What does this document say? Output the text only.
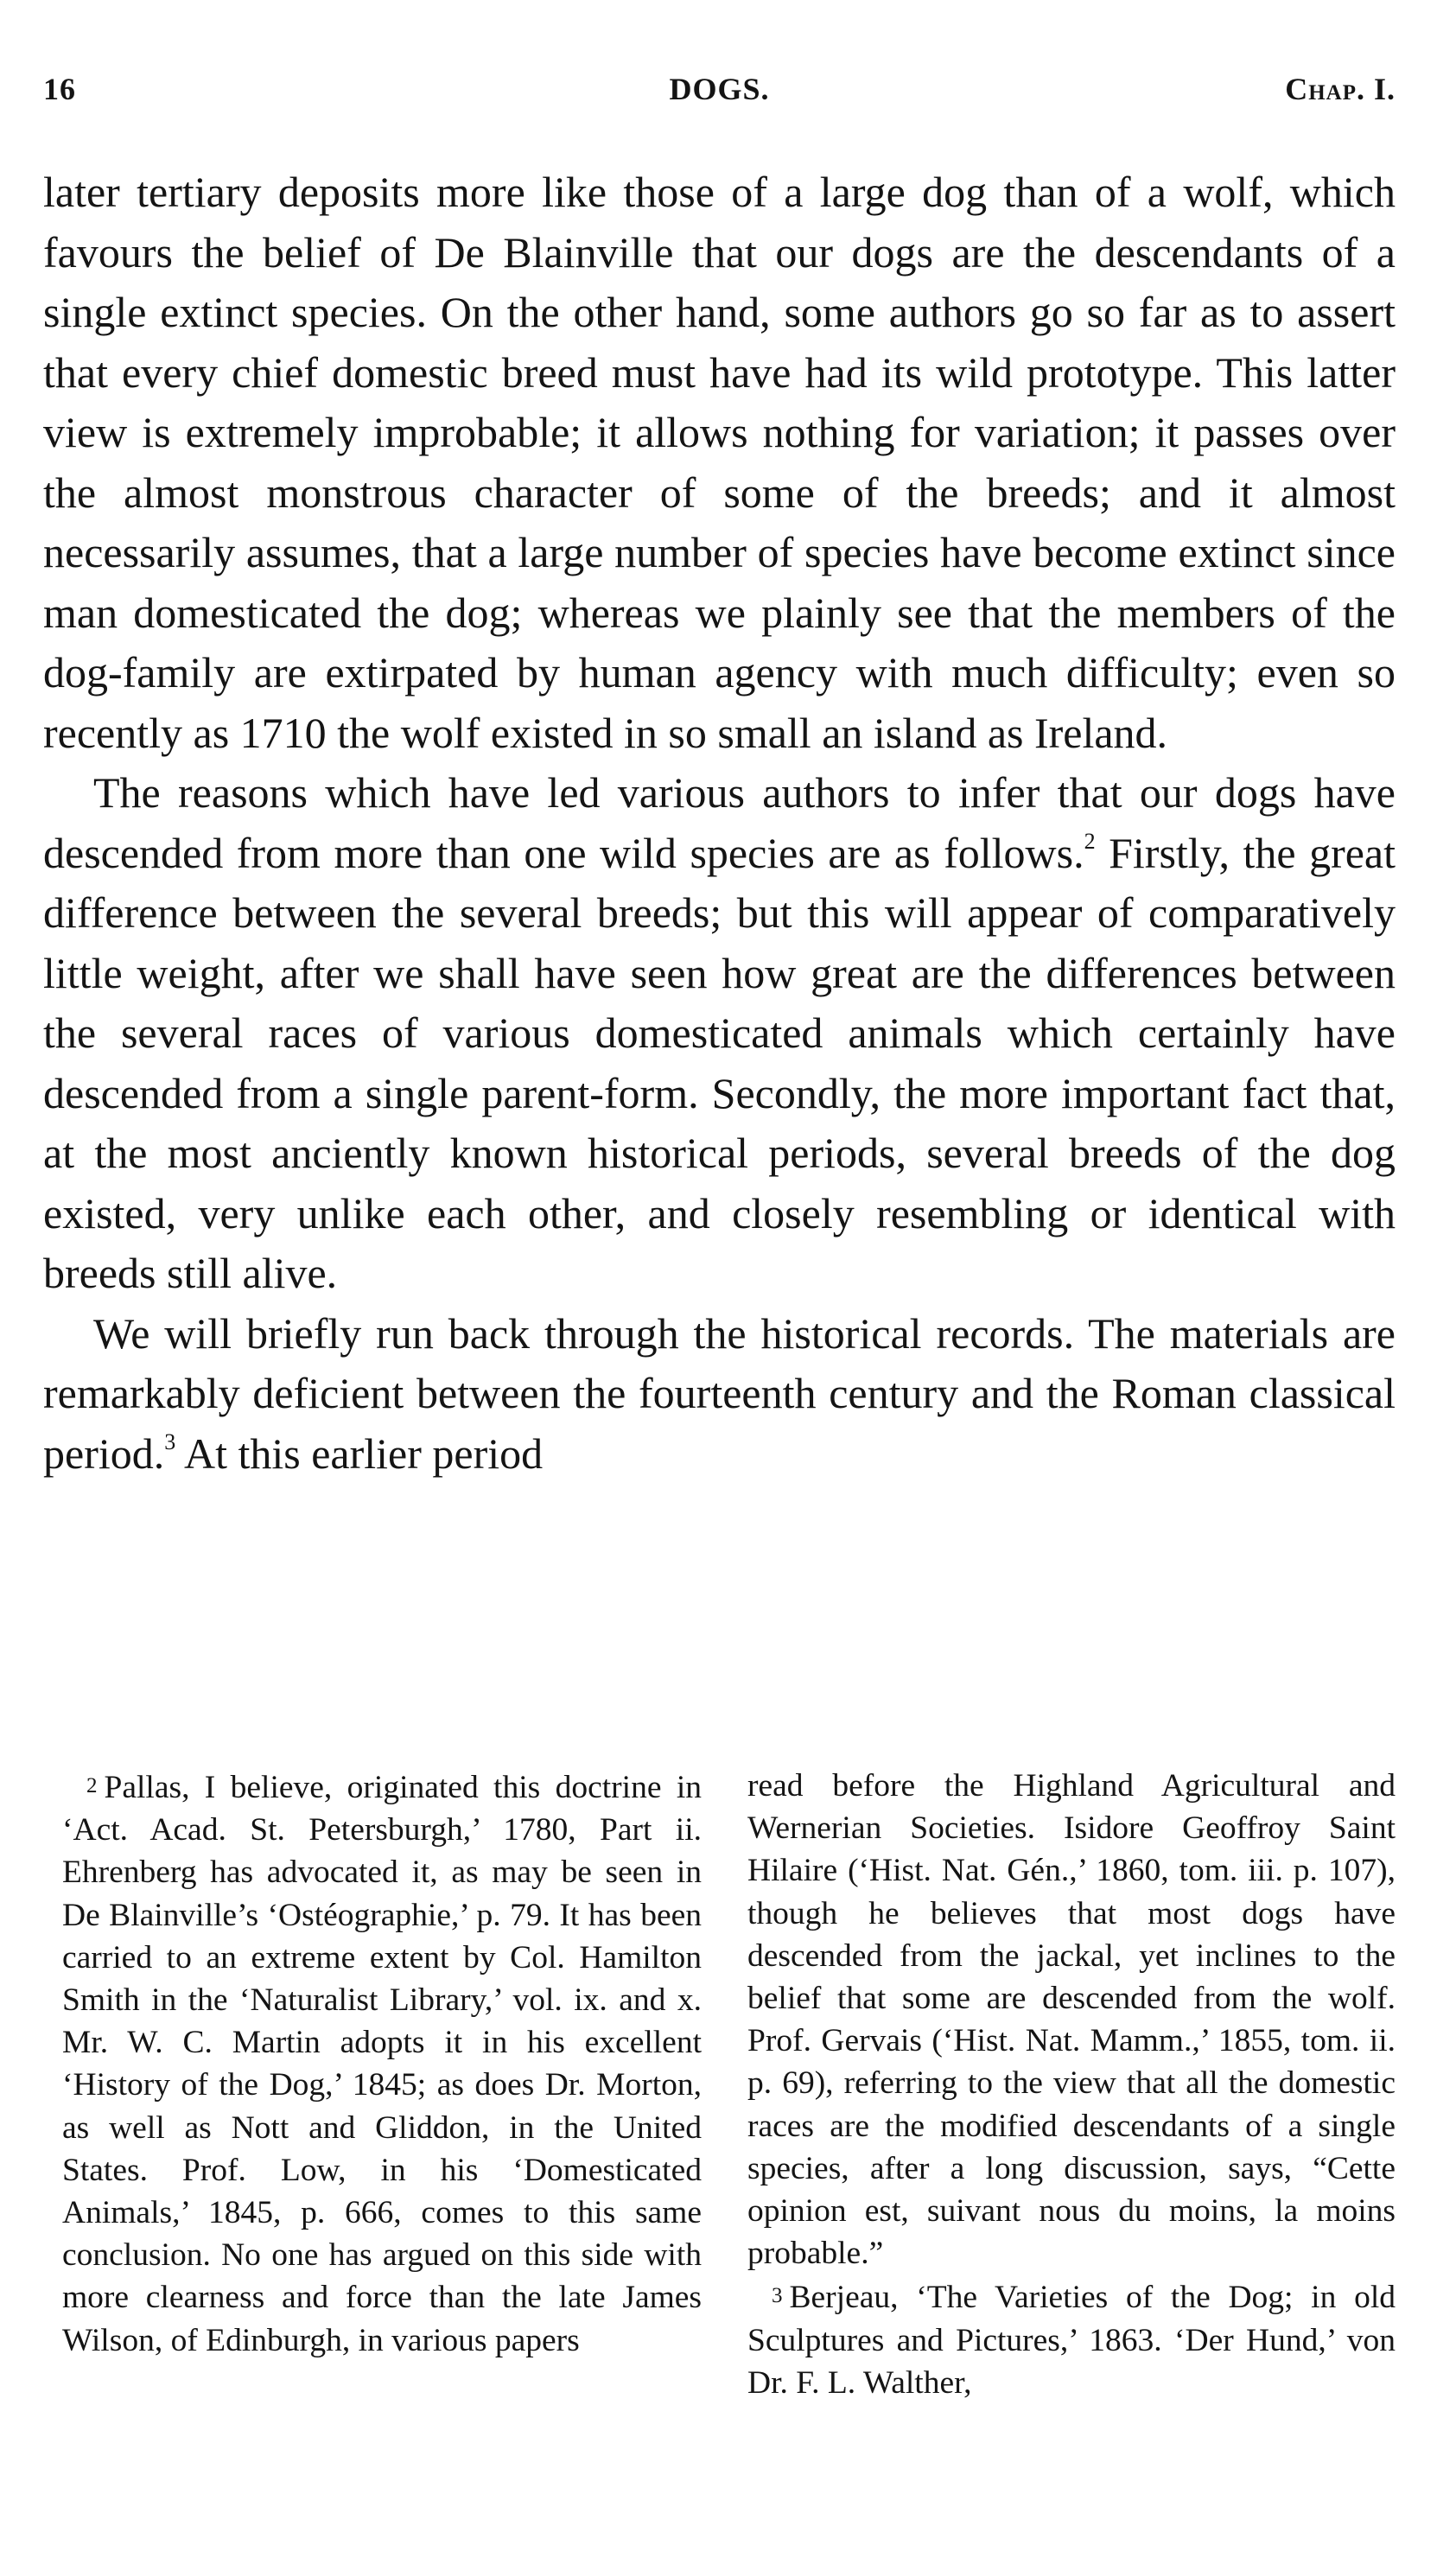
16	DOGS.	Chap. I.

later tertiary deposits more like those of a large dog than of a wolf, which favours the belief of De Blainville that our dogs are the descendants of a single extinct species. On the other hand, some authors go so far as to assert that every chief domestic breed must have had its wild prototype. This latter view is extremely improbable; it allows nothing for variation; it passes over the almost monstrous character of some of the breeds; and it almost necessarily assumes, that a large number of species have become extinct since man domesticated the dog; whereas we plainly see that the members of the dog-family are extirpated by human agency with much difficulty; even so recently as 1710 the wolf existed in so small an island as Ireland.

The reasons which have led various authors to infer that our dogs have descended from more than one wild species are as follows.$^2$ Firstly, the great difference between the several breeds; but this will appear of comparatively little weight, after we shall have seen how great are the differences between the several races of various domesticated animals which certainly have descended from a single parent-form. Secondly, the more important fact that, at the most anciently known historical periods, several breeds of the dog existed, very unlike each other, and closely resembling or identical with breeds still alive.

We will briefly run back through the historical records. The materials are remarkably deficient between the fourteenth century and the Roman classical period.$^3$ At this earlier period

2 Pallas, I believe, originated this doctrine in ‘Act. Acad. St. Petersburgh,’ 1780, Part ii. Ehrenberg has advocated it, as may be seen in De Blainville’s ‘Ostéographie,’ p. 79. It has been carried to an extreme extent by Col. Hamilton Smith in the ‘Naturalist Library,’ vol. ix. and x. Mr. W. C. Martin adopts it in his excellent ‘History of the Dog,’ 1845; as does Dr. Morton, as well as Nott and Gliddon, in the United States. Prof. Low, in his ‘Domesticated Animals,’ 1845, p. 666, comes to this same conclusion. No one has argued on this side with more clearness and force than the late James Wilson, of Edinburgh, in various papers

read before the Highland Agricultural and Wernerian Societies. Isidore Geoffroy Saint Hilaire (‘Hist. Nat. Gén.,’ 1860, tom. iii. p. 107), though he believes that most dogs have descended from the jackal, yet inclines to the belief that some are descended from the wolf. Prof. Gervais (‘Hist. Nat. Mamm.,’ 1855, tom. ii. p. 69), referring to the view that all the domestic races are the modified descendants of a single species, after a long discussion, says, “Cette opinion est, suivant nous du moins, la moins probable.”

3 Berjeau, ‘The Varieties of the Dog; in old Sculptures and Pictures,’ 1863. ‘Der Hund,’ von Dr. F. L. Walther,
